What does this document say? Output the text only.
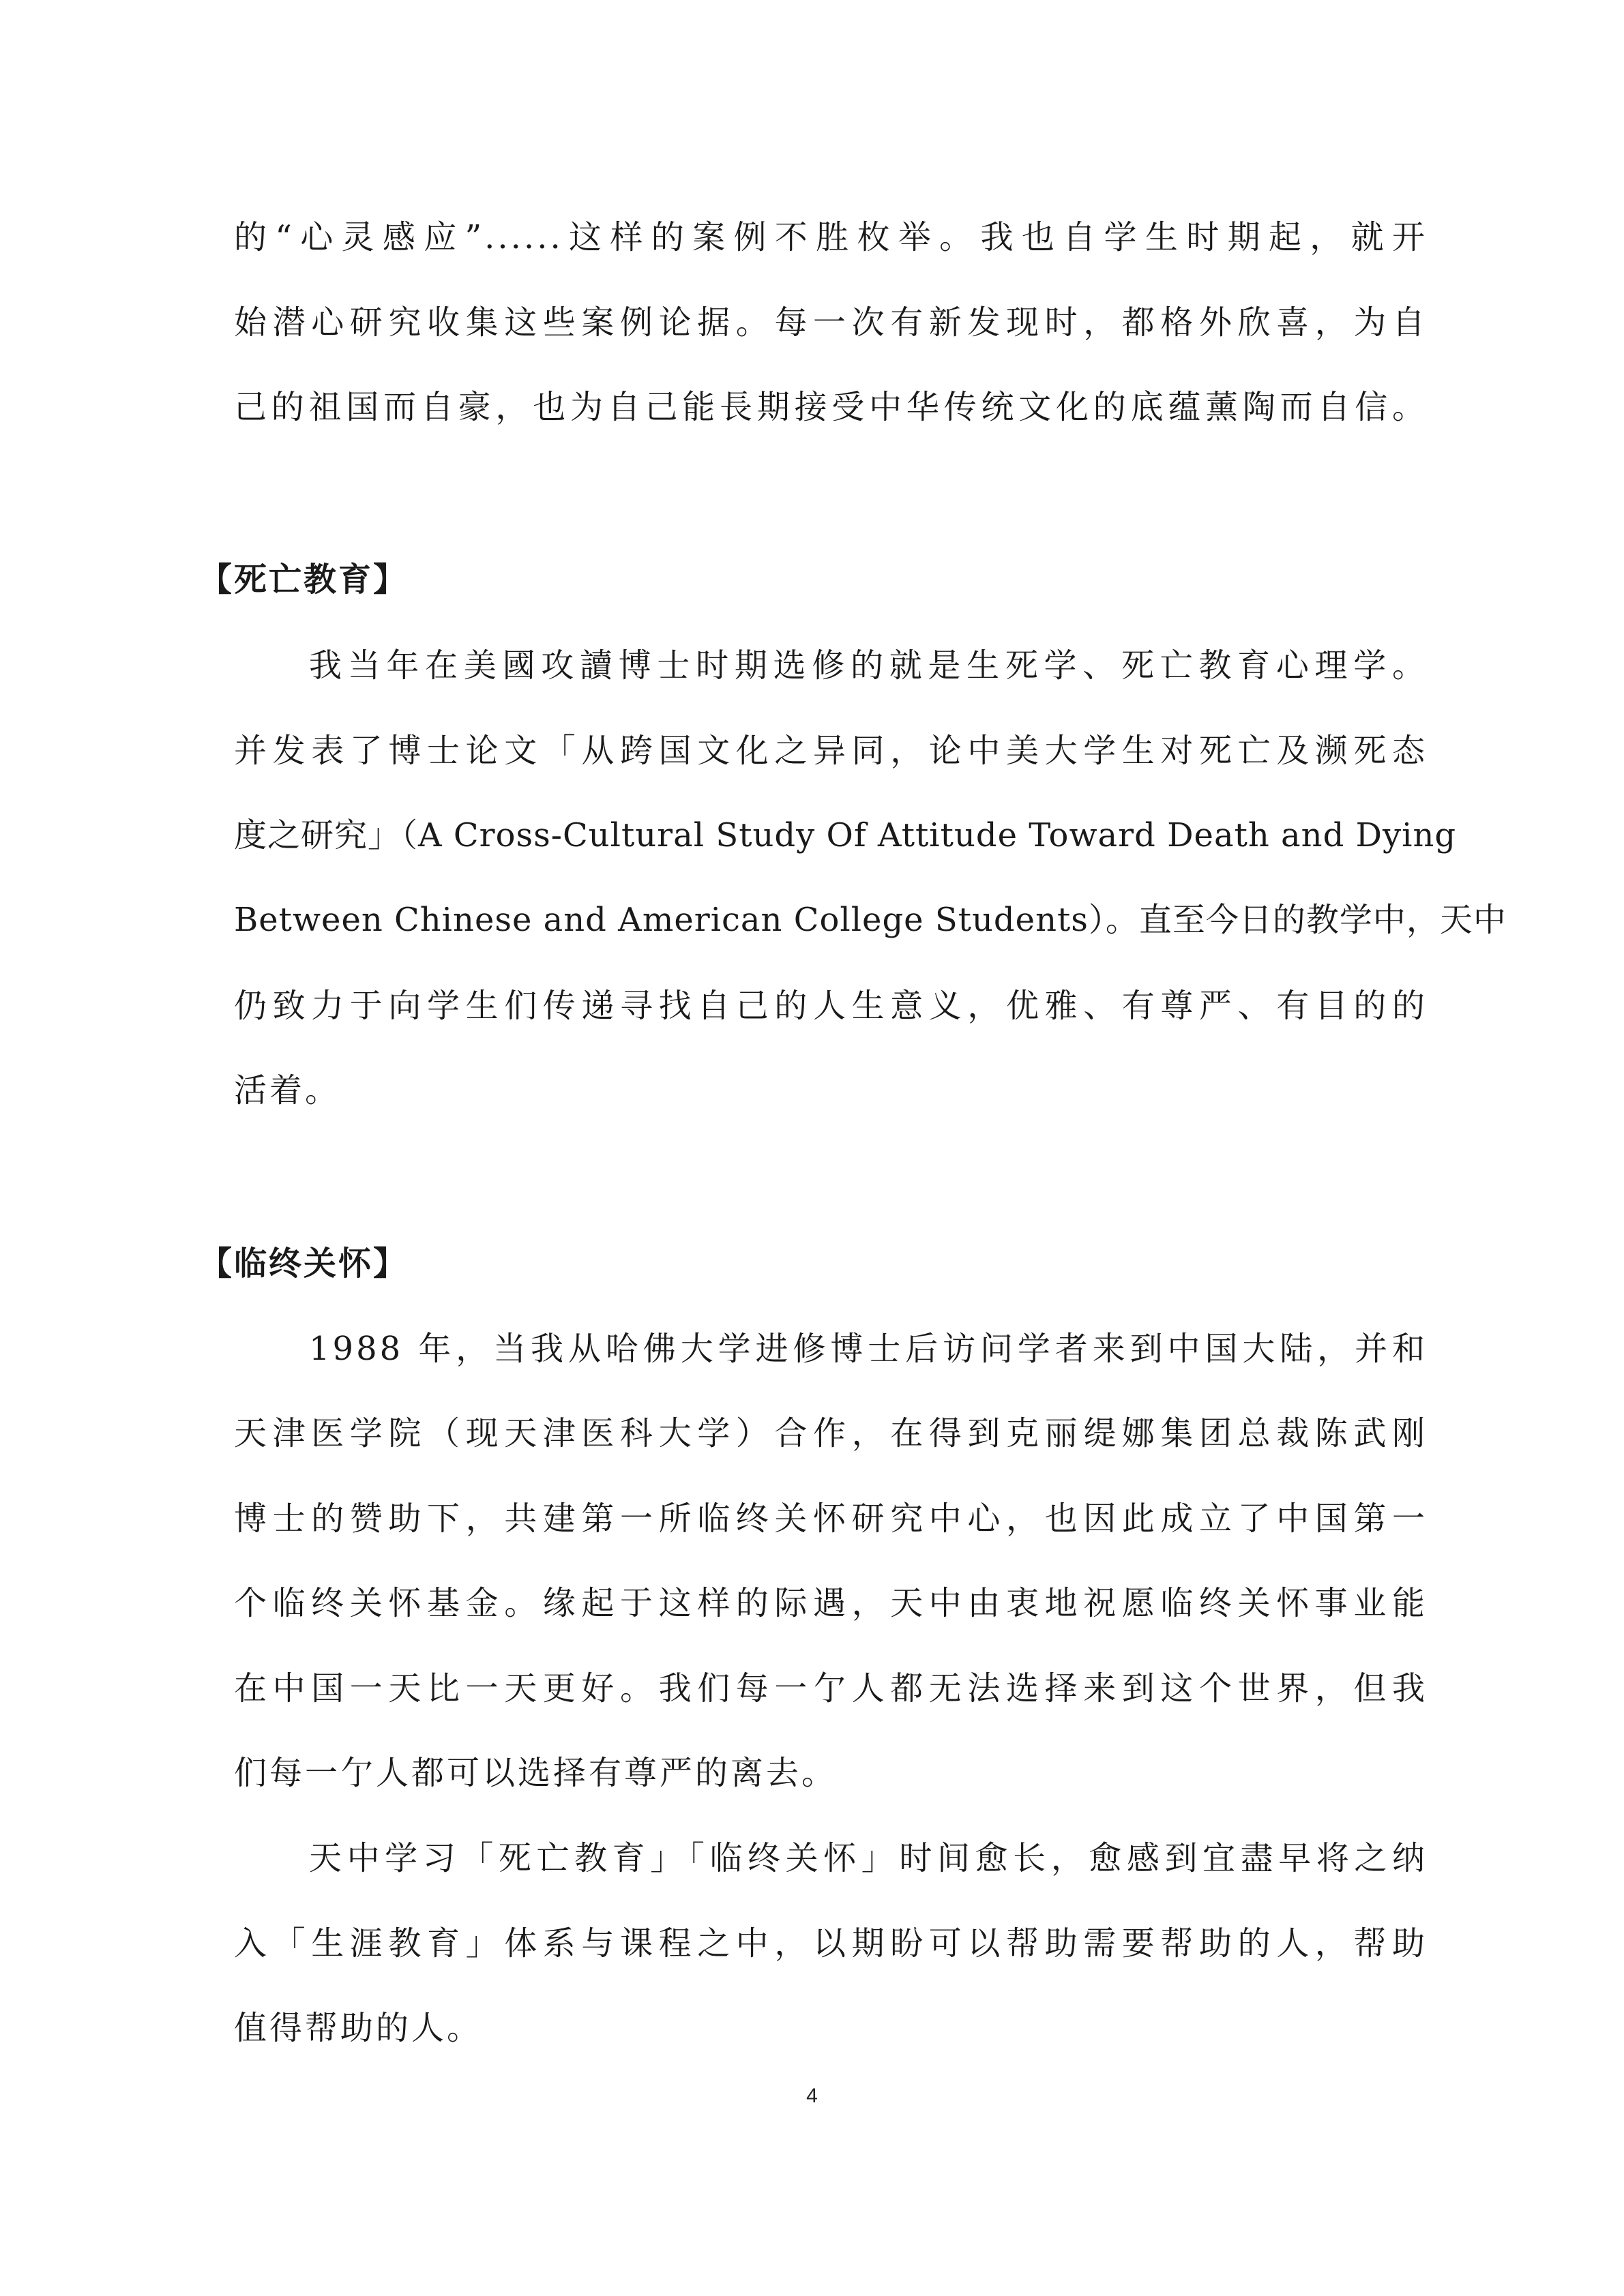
的“心灵感应”......这样的案例不胜枚举。我也自学生时期起，就开
始潜心研究收集这些案例论据。每一次有新发现时，都格外欣喜，为自
己的祖国而自豪，也为自己能長期接受中华传统文化的底蕴薰陶而自信。
【死亡教育】
我当年在美國攻讀博士时期选修的就是生死学、死亡教育心理学。
并发表了博士论文「从跨国文化之异同，论中美大学生对死亡及濒死态
度之研究」（A Cross-Cultural Study Of Attitude Toward Death and Dying
Between Chinese and American College Students）。直至今日的教学中，天中
仍致力于向学生们传递寻找自己的人生意义，优雅、有尊严、有目的的
活着。
【临终关怀】
1988 年，当我从哈佛大学进修博士后访问学者来到中国大陆，并和
天津医学院（现天津医科大学）合作，在得到克丽缇娜集团总裁陈武刚
博士的赞助下，共建第一所临终关怀研究中心，也因此成立了中国第一
个临终关怀基金。缘起于这样的际遇，天中由衷地祝愿临终关怀事业能
在中国一天比一天更好。我们每一亇人都无法选择来到这个世界，但我
们每一亇人都可以选择有尊严的离去。
天中学习「死亡教育」「临终关怀」时间愈长，愈感到宜盡早将之纳
入「生涯教育」体系与课程之中，以期盼可以帮助需要帮助的人，帮助
值得帮助的人。
4
